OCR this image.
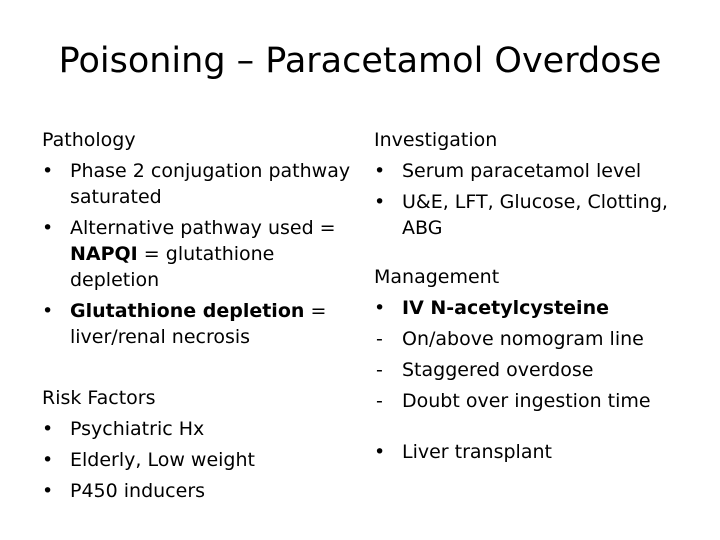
Poisoning – Paracetamol Overdose
Pathology
• Phase 2 conjugation pathway saturated
• Alternative pathway used = NAPQI = glutathione depletion
• Glutathione depletion = liver/renal necrosis
Risk Factors
• Psychiatric Hx
• Elderly, Low weight
• P450 inducers
Investigation
• Serum paracetamol level
• U&E, LFT, Glucose, Clotting, ABG
Management
• IV N-acetylcysteine
-	On/above nomogram line
-	Staggered overdose
-	Doubt over ingestion time
• Liver transplant
